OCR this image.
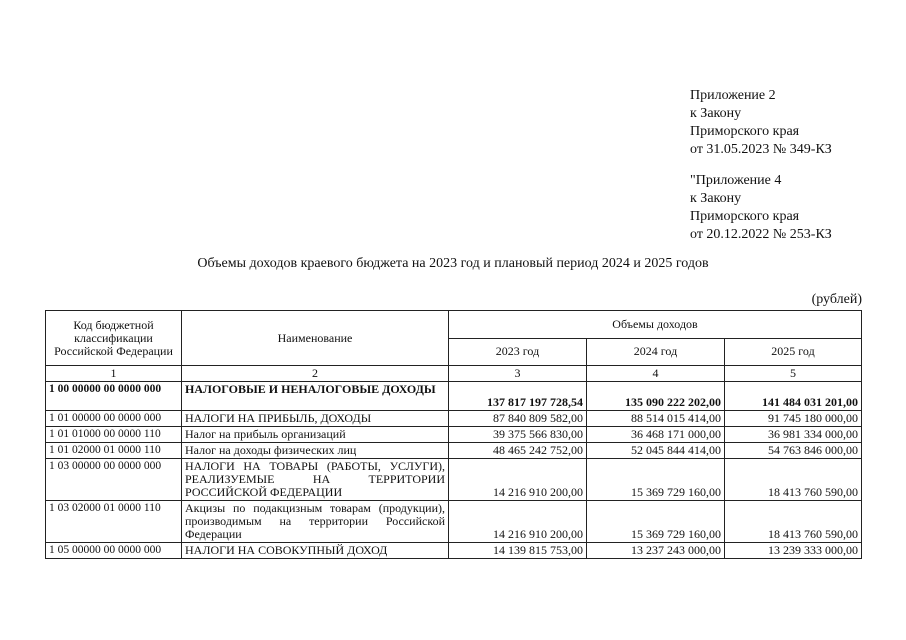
Приложение 2
к Закону
Приморского края
от 31.05.2023 № 349-КЗ
"Приложение 4
к Закону
Приморского края
от 20.12.2022 № 253-КЗ
Объемы доходов краевого бюджета на 2023 год и плановый период 2024 и 2025 годов
(рублей)
Код бюджетной классификации Российской Федерации	Наименование	Объемы доходов		
		2023 год	2024 год	2025 год
1	2	3	4	5
1 00 00000 00 0000 000	НАЛОГОВЫЕ И НЕНАЛОГОВЫЕ ДОХОДЫ	137 817 197 728,54	135 090 222 202,00	141 484 031 201,00
1 01 00000 00 0000 000	НАЛОГИ НА ПРИБЫЛЬ, ДОХОДЫ	87 840 809 582,00	88 514 015 414,00	91 745 180 000,00
1 01 01000 00 0000 110	Налог на прибыль организаций	39 375 566 830,00	36 468 171 000,00	36 981 334 000,00
1 01 02000 01 0000 110	Налог на доходы физических лиц	48 465 242 752,00	52 045 844 414,00	54 763 846 000,00
1 03 00000 00 0000 000	НАЛОГИ НА ТОВАРЫ (РАБОТЫ, УСЛУГИ), РЕАЛИЗУЕМЫЕ НА ТЕРРИТОРИИ РОССИЙСКОЙ ФЕДЕРАЦИИ	14 216 910 200,00	15 369 729 160,00	18 413 760 590,00
1 03 02000 01 0000 110	Акцизы по подакцизным товарам (продукции), производимым на территории Российской Федерации	14 216 910 200,00	15 369 729 160,00	18 413 760 590,00
1 05 00000 00 0000 000	НАЛОГИ НА СОВОКУПНЫЙ ДОХОД	14 139 815 753,00	13 237 243 000,00	13 239 333 000,00
